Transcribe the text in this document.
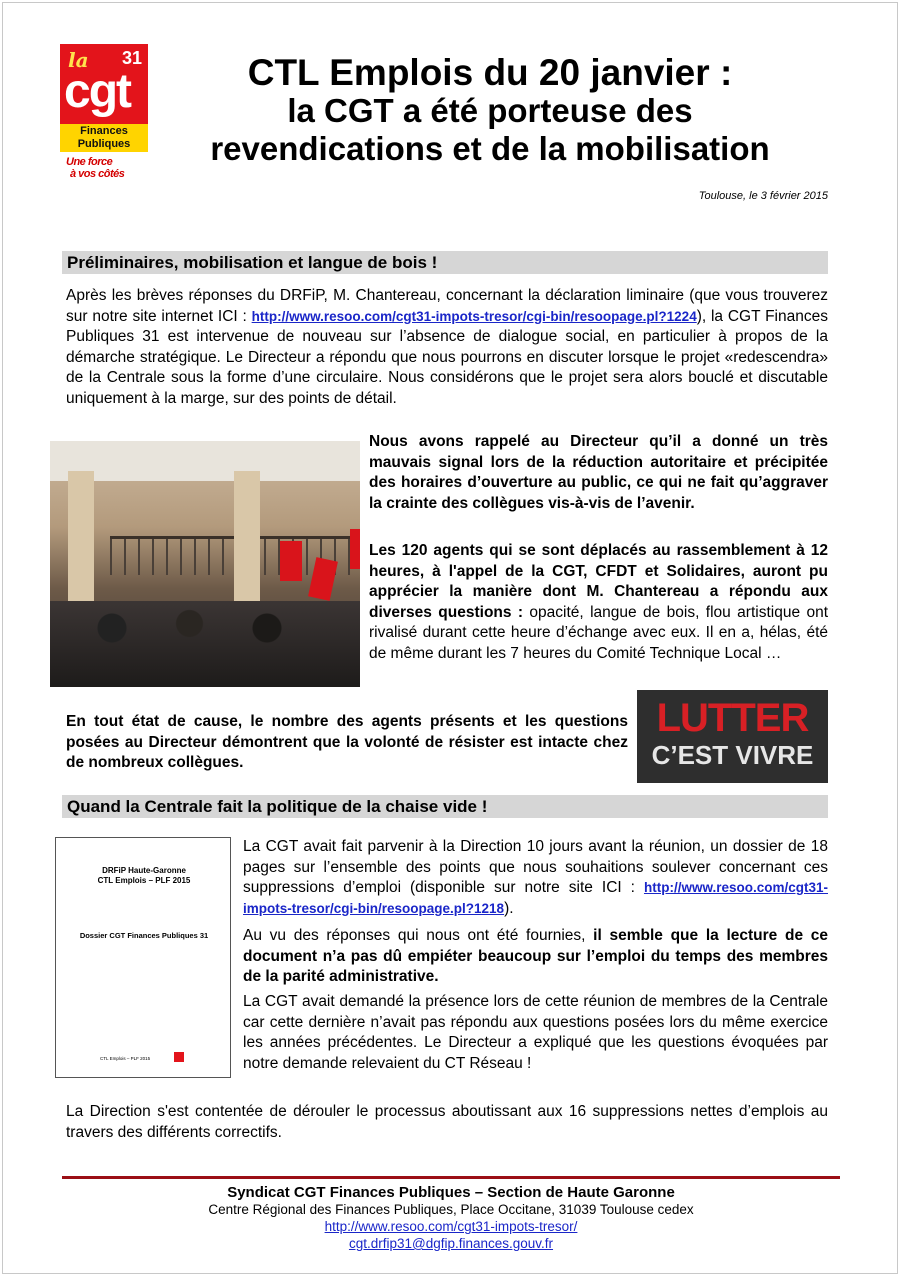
la 31
cgt
Finances
Publiques
Une force
à vos côtés
CTL Emplois du 20 janvier :
la CGT a été porteuse des
revendications et de la mobilisation
Toulouse, le 3 février 2015
Préliminaires, mobilisation et langue de bois !
Après les brèves réponses du DRFiP, M. Chantereau, concernant la déclaration liminaire (que vous trouverez sur notre site internet ICI : http://www.resoo.com/cgt31-impots-tresor/cgi-bin/resoopage.pl?1224), la CGT Finances Publiques 31 est intervenue de nouveau sur l’absence de dialogue social, en particulier à propos de la démarche stratégique. Le Directeur a répondu que nous pourrons en discuter lorsque le projet «redescendra» de la Centrale sous la forme d’une circulaire. Nous considérons que le projet sera alors bouclé et discutable uniquement à la marge, sur des points de détail.
Nous avons rappelé au Directeur qu’il a donné un très mauvais signal lors de la réduction autoritaire et précipitée des horaires d’ouverture au public, ce qui ne fait qu’aggraver la crainte des collègues vis-à-vis de l’avenir.
Les 120 agents qui se sont déplacés au rassemblement à 12 heures, à l'appel de la CGT, CFDT et Solidaires, auront pu apprécier la manière dont M. Chantereau a répondu aux diverses questions : opacité, langue de bois, flou artistique ont rivalisé durant cette heure d’échange avec eux. Il en a, hélas, été de même durant les 7 heures du Comité Technique Local …
LUTTER
C’EST VIVRE
En tout état de cause, le nombre des agents présents et les questions posées au Directeur démontrent que la volonté de résister est intacte chez de nombreux collègues.
Quand la Centrale fait la politique de la chaise vide !
DRFiP Haute-Garonne
CTL Emplois – PLF 2015
Dossier CGT Finances Publiques 31
CTL Emplois – PLF 2015
La CGT avait fait parvenir à la Direction 10 jours avant la réunion, un dossier de 18 pages sur l’ensemble des points que nous souhaitions soulever concernant ces suppressions d’emploi (disponible sur notre site ICI : http://www.resoo.com/cgt31-impots-tresor/cgi-bin/resoopage.pl?1218).
Au vu des réponses qui nous ont été fournies, il semble que la lecture de ce document n’a pas dû empiéter beaucoup sur l’emploi du temps des membres de la parité administrative.
La CGT avait demandé la présence lors de cette réunion de membres de la Centrale car cette dernière n’avait pas répondu aux questions posées lors du même exercice les années précédentes. Le Directeur a expliqué que les questions évoquées par notre demande relevaient du CT Réseau !
La Direction s'est contentée de dérouler le processus aboutissant aux 16 suppressions nettes d’emplois au travers des différents correctifs.
Syndicat CGT Finances Publiques – Section de Haute Garonne
Centre Régional des Finances Publiques, Place Occitane, 31039 Toulouse cedex
http://www.resoo.com/cgt31-impots-tresor/
cgt.drfip31@dgfip.finances.gouv.fr
